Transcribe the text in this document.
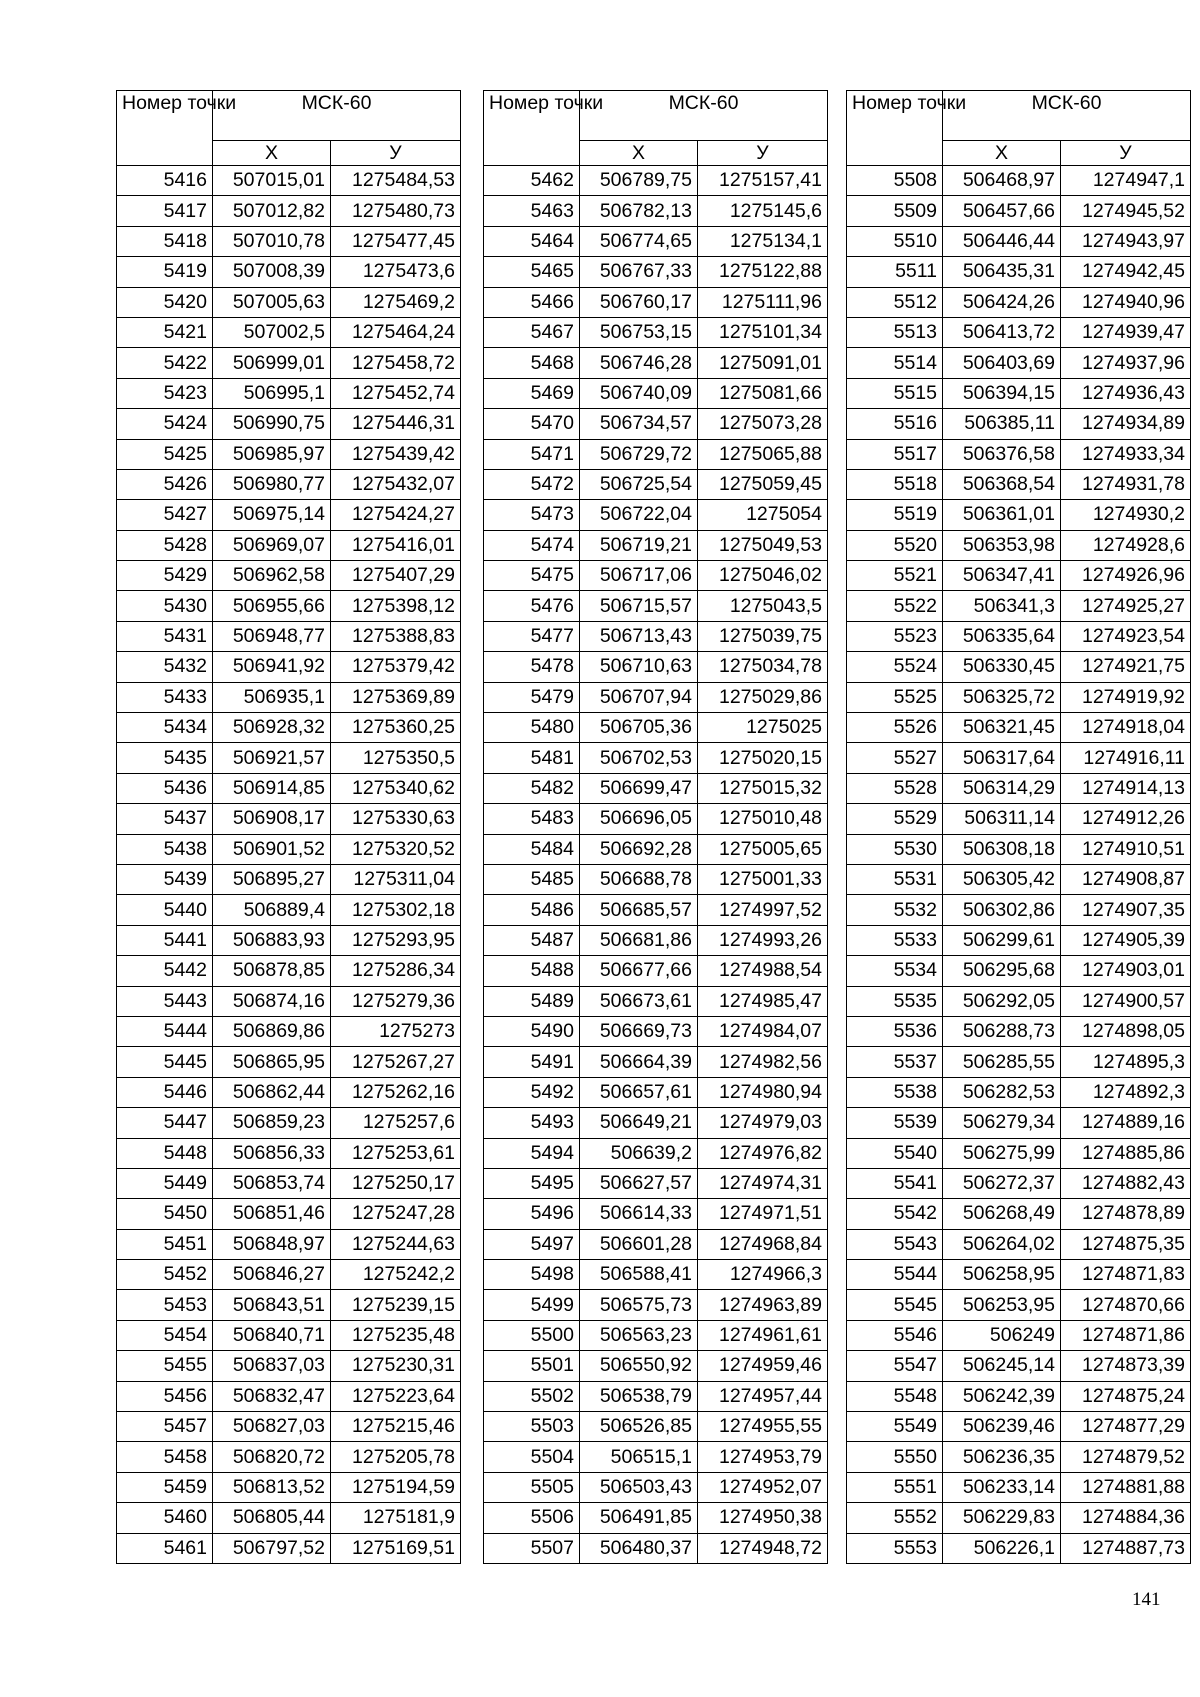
Номер точки	МСК-60	
	X	У
5416	507015,01	1275484,53
5417	507012,82	1275480,73
5418	507010,78	1275477,45
5419	507008,39	1275473,6
5420	507005,63	1275469,2
5421	507002,5	1275464,24
5422	506999,01	1275458,72
5423	506995,1	1275452,74
5424	506990,75	1275446,31
5425	506985,97	1275439,42
5426	506980,77	1275432,07
5427	506975,14	1275424,27
5428	506969,07	1275416,01
5429	506962,58	1275407,29
5430	506955,66	1275398,12
5431	506948,77	1275388,83
5432	506941,92	1275379,42
5433	506935,1	1275369,89
5434	506928,32	1275360,25
5435	506921,57	1275350,5
5436	506914,85	1275340,62
5437	506908,17	1275330,63
5438	506901,52	1275320,52
5439	506895,27	1275311,04
5440	506889,4	1275302,18
5441	506883,93	1275293,95
5442	506878,85	1275286,34
5443	506874,16	1275279,36
5444	506869,86	1275273
5445	506865,95	1275267,27
5446	506862,44	1275262,16
5447	506859,23	1275257,6
5448	506856,33	1275253,61
5449	506853,74	1275250,17
5450	506851,46	1275247,28
5451	506848,97	1275244,63
5452	506846,27	1275242,2
5453	506843,51	1275239,15
5454	506840,71	1275235,48
5455	506837,03	1275230,31
5456	506832,47	1275223,64
5457	506827,03	1275215,46
5458	506820,72	1275205,78
5459	506813,52	1275194,59
5460	506805,44	1275181,9
5461	506797,52	1275169,51
Номер точки	МСК-60	
	X	У
5462	506789,75	1275157,41
5463	506782,13	1275145,6
5464	506774,65	1275134,1
5465	506767,33	1275122,88
5466	506760,17	1275111,96
5467	506753,15	1275101,34
5468	506746,28	1275091,01
5469	506740,09	1275081,66
5470	506734,57	1275073,28
5471	506729,72	1275065,88
5472	506725,54	1275059,45
5473	506722,04	1275054
5474	506719,21	1275049,53
5475	506717,06	1275046,02
5476	506715,57	1275043,5
5477	506713,43	1275039,75
5478	506710,63	1275034,78
5479	506707,94	1275029,86
5480	506705,36	1275025
5481	506702,53	1275020,15
5482	506699,47	1275015,32
5483	506696,05	1275010,48
5484	506692,28	1275005,65
5485	506688,78	1275001,33
5486	506685,57	1274997,52
5487	506681,86	1274993,26
5488	506677,66	1274988,54
5489	506673,61	1274985,47
5490	506669,73	1274984,07
5491	506664,39	1274982,56
5492	506657,61	1274980,94
5493	506649,21	1274979,03
5494	506639,2	1274976,82
5495	506627,57	1274974,31
5496	506614,33	1274971,51
5497	506601,28	1274968,84
5498	506588,41	1274966,3
5499	506575,73	1274963,89
5500	506563,23	1274961,61
5501	506550,92	1274959,46
5502	506538,79	1274957,44
5503	506526,85	1274955,55
5504	506515,1	1274953,79
5505	506503,43	1274952,07
5506	506491,85	1274950,38
5507	506480,37	1274948,72
Номер точки	МСК-60	
	X	У
5508	506468,97	1274947,1
5509	506457,66	1274945,52
5510	506446,44	1274943,97
5511	506435,31	1274942,45
5512	506424,26	1274940,96
5513	506413,72	1274939,47
5514	506403,69	1274937,96
5515	506394,15	1274936,43
5516	506385,11	1274934,89
5517	506376,58	1274933,34
5518	506368,54	1274931,78
5519	506361,01	1274930,2
5520	506353,98	1274928,6
5521	506347,41	1274926,96
5522	506341,3	1274925,27
5523	506335,64	1274923,54
5524	506330,45	1274921,75
5525	506325,72	1274919,92
5526	506321,45	1274918,04
5527	506317,64	1274916,11
5528	506314,29	1274914,13
5529	506311,14	1274912,26
5530	506308,18	1274910,51
5531	506305,42	1274908,87
5532	506302,86	1274907,35
5533	506299,61	1274905,39
5534	506295,68	1274903,01
5535	506292,05	1274900,57
5536	506288,73	1274898,05
5537	506285,55	1274895,3
5538	506282,53	1274892,3
5539	506279,34	1274889,16
5540	506275,99	1274885,86
5541	506272,37	1274882,43
5542	506268,49	1274878,89
5543	506264,02	1274875,35
5544	506258,95	1274871,83
5545	506253,95	1274870,66
5546	506249	1274871,86
5547	506245,14	1274873,39
5548	506242,39	1274875,24
5549	506239,46	1274877,29
5550	506236,35	1274879,52
5551	506233,14	1274881,88
5552	506229,83	1274884,36
5553	506226,1	1274887,73
141
